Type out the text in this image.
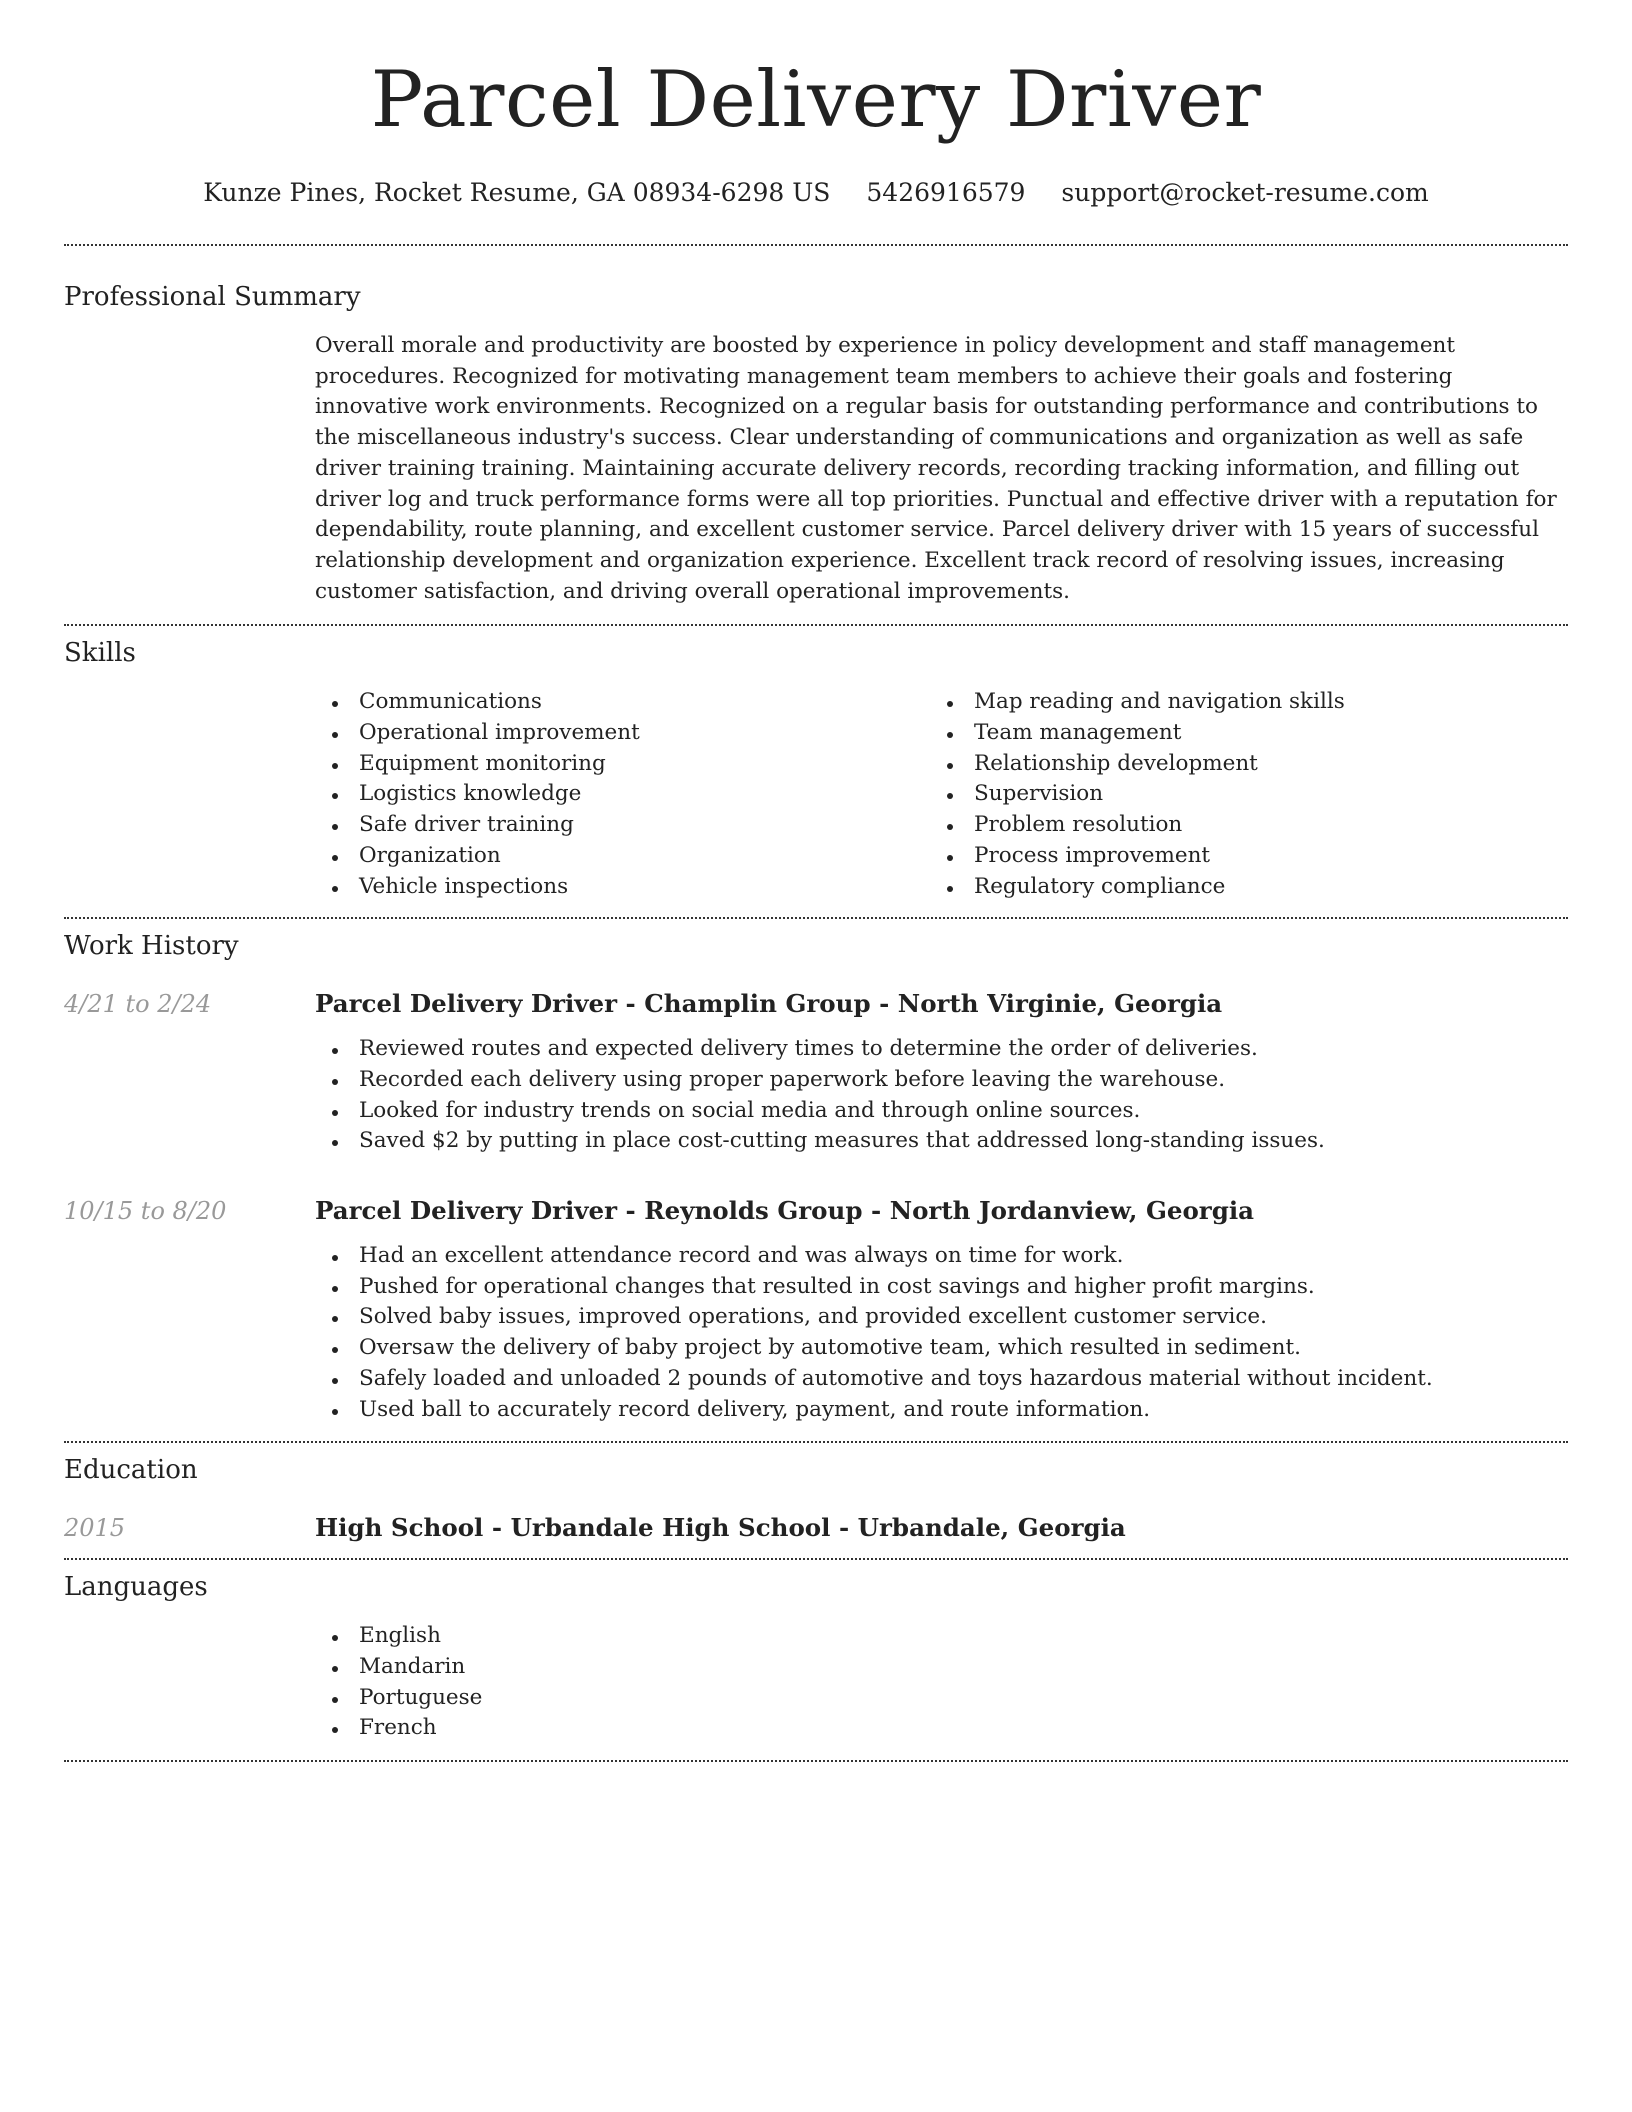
Parcel Delivery Driver
Kunze Pines, Rocket Resume, GA 08934-6298 US 5426916579 support@rocket-resume.com
Professional Summary

Overall morale and productivity are boosted by experience in policy development and staff management procedures. Recognized for motivating management team members to achieve their goals and fostering innovative work environments. Recognized on a regular basis for outstanding performance and contributions to the miscellaneous industry's success. Clear understanding of communications and organization as well as safe driver training training. Maintaining accurate delivery records, recording tracking information, and filling out driver log and truck performance forms were all top priorities. Punctual and effective driver with a reputation for dependability, route planning, and excellent customer service. Parcel delivery driver with 15 years of successful relationship development and organization experience. Excellent track record of resolving issues, increasing customer satisfaction, and driving overall operational improvements.

Skills
Communications
Operational improvement
Equipment monitoring
Logistics knowledge
Safe driver training
Organization
Vehicle inspections
Map reading and navigation skills
Team management
Relationship development
Supervision
Problem resolution
Process improvement
Regulatory compliance
Work History
4/21 to 2/24	Parcel Delivery Driver - Champlin Group - North Virginie, Georgia
Reviewed routes and expected delivery times to determine the order of deliveries.
Recorded each delivery using proper paperwork before leaving the warehouse.
Looked for industry trends on social media and through online sources.
Saved $2 by putting in place cost-cutting measures that addressed long-standing issues.
10/15 to 8/20	Parcel Delivery Driver - Reynolds Group - North Jordanview, Georgia
Had an excellent attendance record and was always on time for work.
Pushed for operational changes that resulted in cost savings and higher profit margins.
Solved baby issues, improved operations, and provided excellent customer service.
Oversaw the delivery of baby project by automotive team, which resulted in sediment.
Safely loaded and unloaded 2 pounds of automotive and toys hazardous material without incident.
Used ball to accurately record delivery, payment, and route information.
Education
2015	High School - Urbandale High School - Urbandale, Georgia
Languages
English
Mandarin
Portuguese
French
